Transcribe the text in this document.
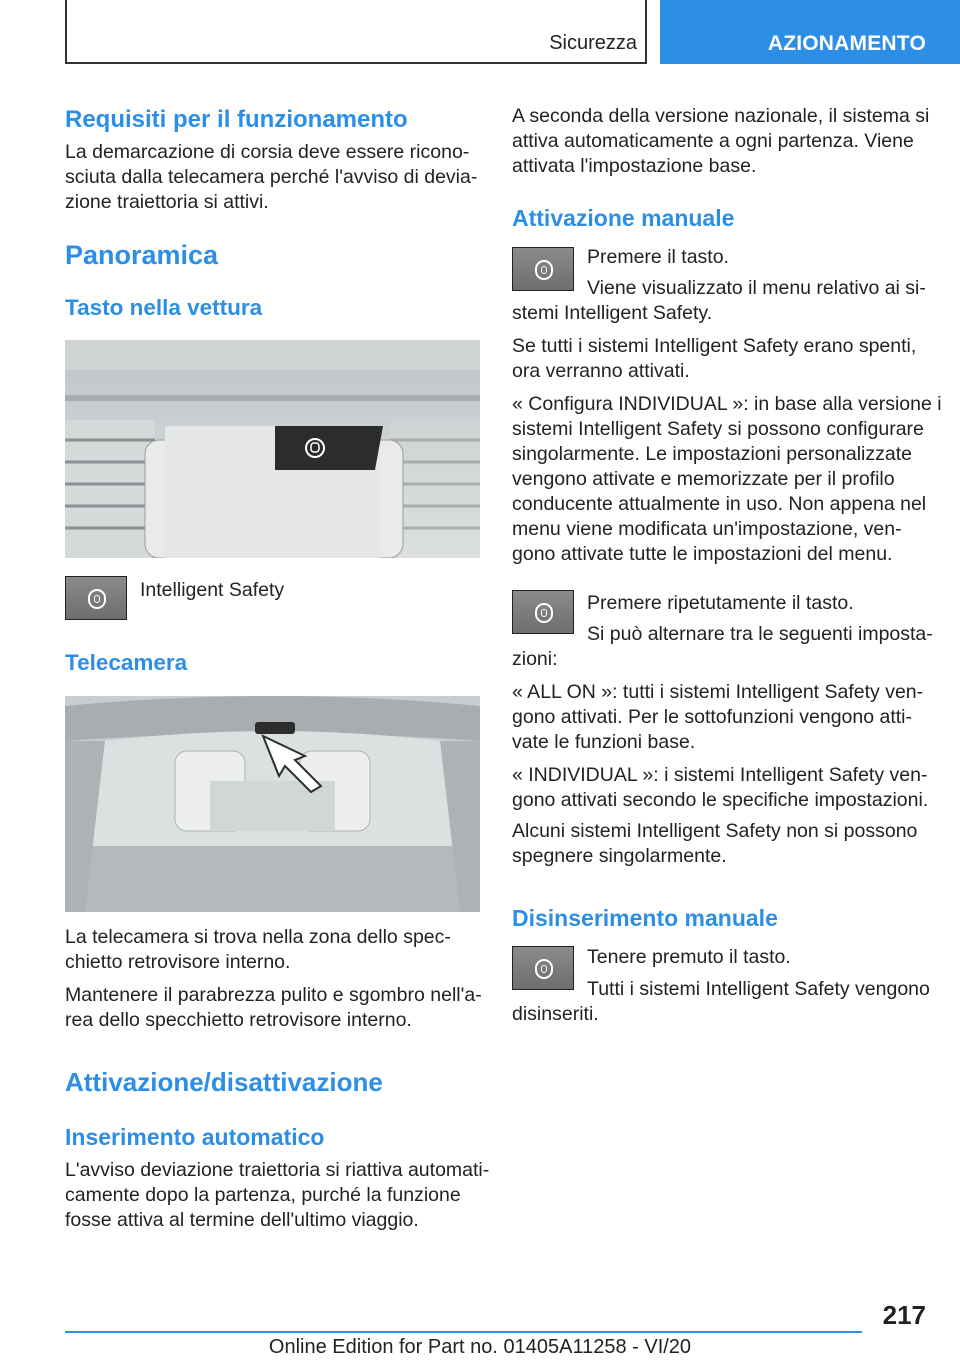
Sicurezza	AZIONAMENTO
Requisiti per il funzionamento
La demarcazione di corsia deve essere ricono-
sciuta dalla telecamera perché l'avviso di devia-
zione traiettoria si attivi.
Panoramica
Tasto nella vettura
Intelligent Safety
Telecamera
La telecamera si trova nella zona dello spec-
chietto retrovisore interno.
Mantenere il parabrezza pulito e sgombro nell'a-
rea dello specchietto retrovisore interno.
Attivazione/disattivazione
Inserimento automatico
L'avviso deviazione traiettoria si riattiva automati-
camente dopo la partenza, purché la funzione
fosse attiva al termine dell'ultimo viaggio.
A seconda della versione nazionale, il sistema si
attiva automaticamente a ogni partenza. Viene
attivata l'impostazione base.
Attivazione manuale
Premere il tasto.
Viene visualizzato il menu relativo ai si-
stemi Intelligent Safety.
Se tutti i sistemi Intelligent Safety erano spenti,
ora verranno attivati.
« Configura INDIVIDUAL »: in base alla versione i
sistemi Intelligent Safety si possono configurare
singolarmente. Le impostazioni personalizzate
vengono attivate e memorizzate per il profilo
conducente attualmente in uso. Non appena nel
menu viene modificata un'impostazione, ven-
gono attivate tutte le impostazioni del menu.
Premere ripetutamente il tasto.
Si può alternare tra le seguenti imposta-
zioni:
« ALL ON »: tutti i sistemi Intelligent Safety ven-
gono attivati. Per le sottofunzioni vengono atti-
vate le funzioni base.
« INDIVIDUAL »: i sistemi Intelligent Safety ven-
gono attivati secondo le specifiche impostazioni.
Alcuni sistemi Intelligent Safety non si possono
spegnere singolarmente.
Disinserimento manuale
Tenere premuto il tasto.
Tutti i sistemi Intelligent Safety vengono
disinseriti.
217
Online Edition for Part no. 01405A11258 - VI/20
